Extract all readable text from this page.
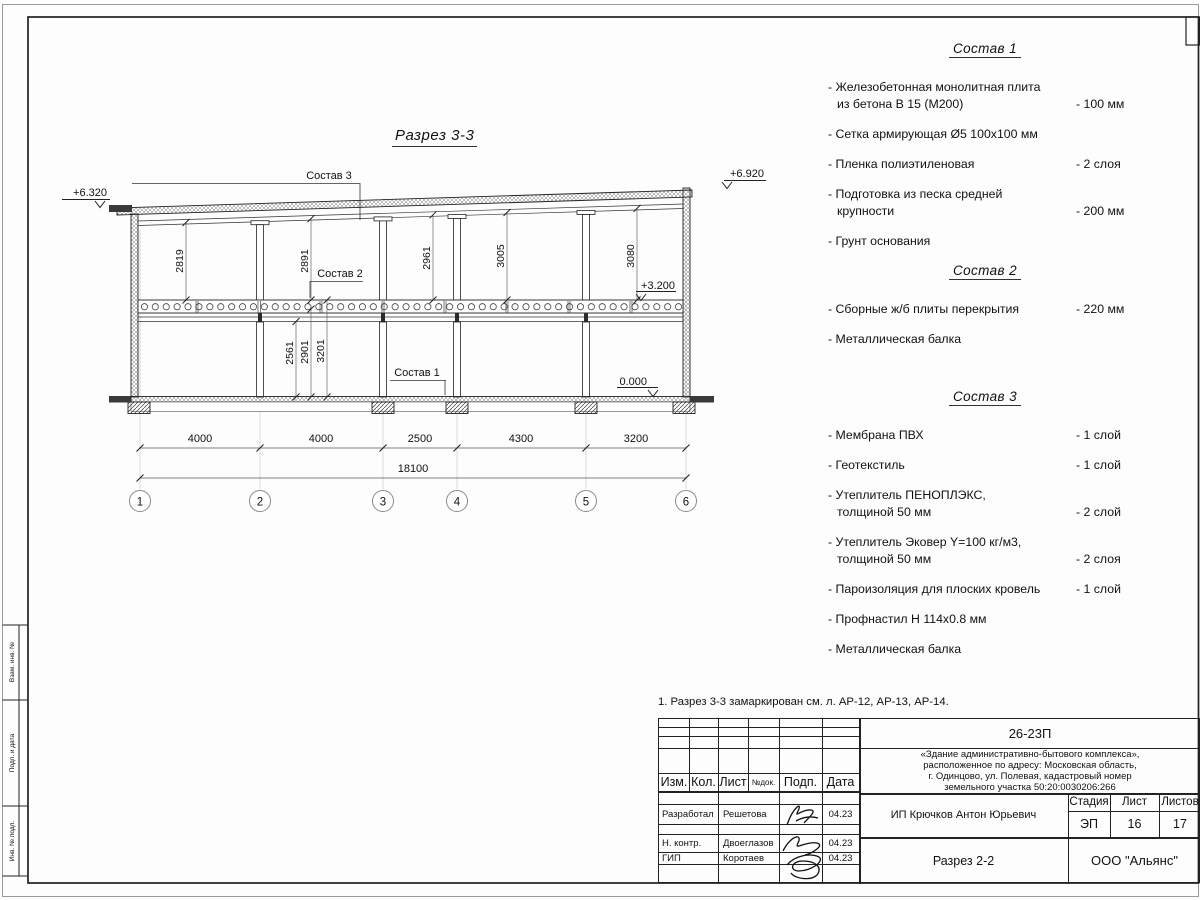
Взам. инв. №
Подп. и дата
Инв. № подл.
2819	2891	2961	3005	3080
2561 2901 3201
Состав 3
Состав 2
Состав 1
+6.320
+6.920
+3.200
0.000
4000	4000	2500	4300	3200
18100
1	2	3	4	5	6
Разрез 3-3
Состав 1
- Железобетонная монолитная плита
из бетона В 15 (М200)	- 100 мм
- Сетка армирующая Ø5 100х100 мм
- Пленка полиэтиленовая	- 2 слоя
- Подготовка из песка средней
крупности	- 200 мм
- Грунт основания
Состав 2
- Сборные ж/б плиты перекрытия	- 220 мм
- Металлическая балка
Состав 3
- Мембрана ПВХ	- 1 слой
- Геотекстиль	- 1 слой
- Утеплитель ПЕНОПЛЭКС,
толщиной 50 мм	- 2 слой
- Утеплитель Эковер Y=100 кг/м3,
толщиной 50 мм	- 2 слоя
- Пароизоляция для плоских кровель	- 1 слой
- Профнастил Н 114х0.8 мм
- Металлическая балка
1. Разрез 3-3 замаркирован см. л. АР-12, АР-13, АР-14.
Изм. Кол. Лист №док. Подп. Дата
Разработал Решетова	04.23
Н. контр.	Двоеглазов	04.23
ГИП	Коротаев	04.23
26-23П
«Здание административно-бытового комплекса»,
расположенное по адресу: Московская область,
г. Одинцово, ул. Полевая, кадастровый номер
земельного участка 50:20:0030206:266
ИП Крючков Антон Юрьевич
Стадия	Лист	Листов
ЭП	16	17
Разрез 2-2	ООО "Альянс"
